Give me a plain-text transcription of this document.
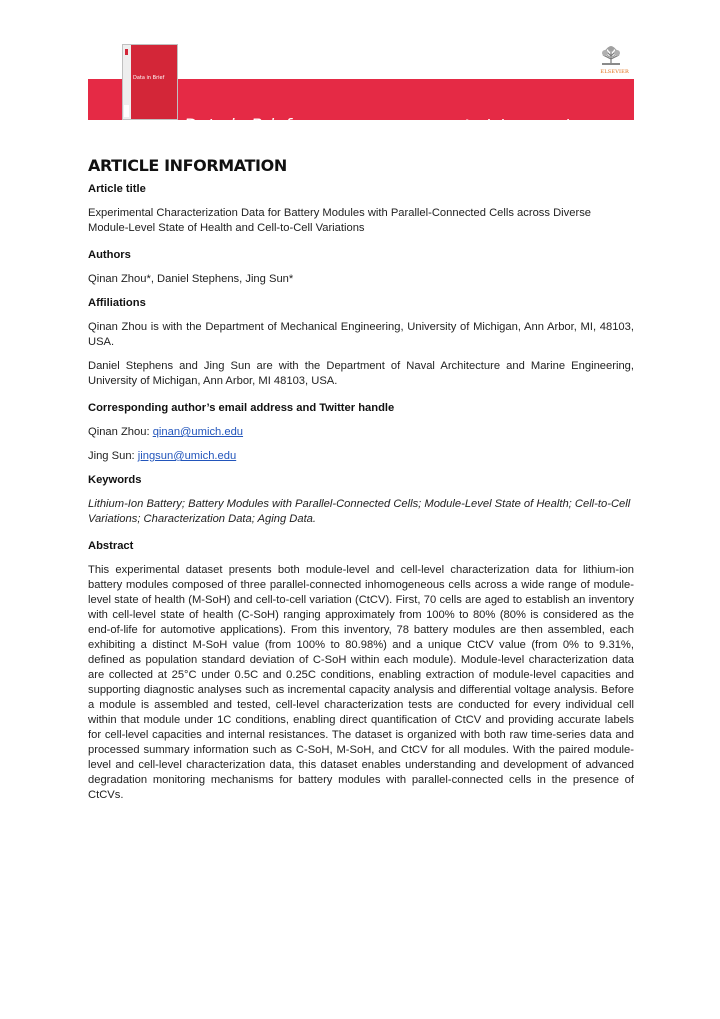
Data in Brief
Open access
Article template
Data in Brief
ELSEVIER
ARTICLE INFORMATION

Article title

Experimental Characterization Data for Battery Modules with Parallel-Connected Cells across Diverse Module-Level State of Health and Cell-to-Cell Variations

Authors

Qinan Zhou*, Daniel Stephens, Jing Sun*

Affiliations

Qinan Zhou is with the Department of Mechanical Engineering, University of Michigan, Ann Arbor, MI, 48103, USA.

Daniel Stephens and Jing Sun are with the Department of Naval Architecture and Marine Engineering, University of Michigan, Ann Arbor, MI 48103, USA.

Corresponding author’s email address and Twitter handle

Qinan Zhou: qinan@umich.edu

Jing Sun: jingsun@umich.edu

Keywords

Lithium-Ion Battery; Battery Modules with Parallel-Connected Cells; Module-Level State of Health; Cell-to-Cell Variations; Characterization Data; Aging Data.

Abstract

This experimental dataset presents both module-level and cell-level characterization data for lithium-ion battery modules composed of three parallel-connected inhomogeneous cells across a wide range of module-level state of health (M-SoH) and cell-to-cell variation (CtCV). First, 70 cells are aged to establish an inventory with cell-level state of health (C-SoH) ranging approximately from 100% to 80% (80% is considered as the end-of-life for automotive applications). From this inventory, 78 battery modules are then assembled, each exhibiting a distinct M-SoH value (from 100% to 80.98%) and a unique CtCV value (from 0% to 9.31%, defined as population standard deviation of C-SoH within each module). Module-level characterization data are collected at 25°C under 0.5C and 0.25C conditions, enabling extraction of module-level capacities and supporting diagnostic analyses such as incremental capacity analysis and differential voltage analysis. Before a module is assembled and tested, cell-level characterization tests are conducted for every individual cell within that module under 1C conditions, enabling direct quantification of CtCV and providing accurate labels for cell-level capacities and internal resistances. The dataset is organized with both raw time-series data and processed summary information such as C-SoH, M-SoH, and CtCV for all modules. With the paired module-level and cell-level characterization data, this dataset enables understanding and development of advanced degradation monitoring mechanisms for battery modules with parallel-connected cells in the presence of CtCVs.
